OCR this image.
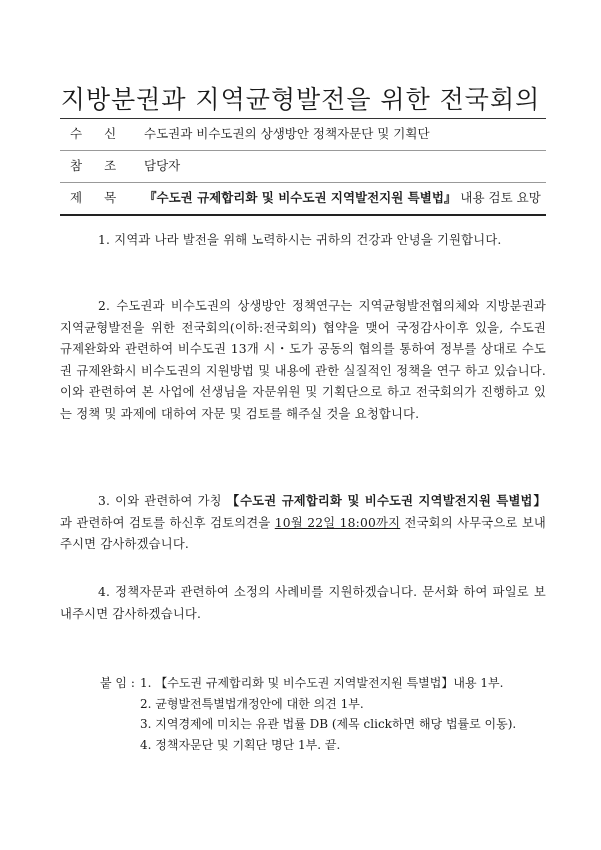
지방분권과 지역균형발전을 위한 전국회의
수신 수도권과 비수도권의 상생방안 정책자문단 및 기획단
참조 담당자
제목 『수도권 규제합리화 및 비수도권 지역발전지원 특별법』 내용 검토 요망
1. 지역과 나라 발전을 위해 노력하시는 귀하의 건강과 안녕을 기원합니다.
2. 수도권과 비수도권의 상생방안 정책연구는 지역균형발전협의체와 지방분권과 지역균형발전을 위한 전국회의(이하:전국회의) 협약을 맺어 국정감사이후 있을, 수도권 규제완화와 관련하여 비수도권 13개 시・도가 공동의 협의를 통하여 정부를 상대로 수도권 규제완화시 비수도권의 지원방법 및 내용에 관한 실질적인 정책을 연구 하고 있습니다. 이와 관련하여 본 사업에 선생님을 자문위원 및 기획단으로 하고 전국회의가 진행하고 있는 정책 및 과제에 대하여 자문 및 검토를 해주실 것을 요청합니다.
3. 이와 관련하여 가칭 【수도권 규제합리화 및 비수도권 지역발전지원 특별법】과 관련하여 검토를 하신후 검토의견을 10월 22일 18:00까지 전국회의 사무국으로 보내주시면 감사하겠습니다.
4. 정책자문과 관련하여 소정의 사례비를 지원하겠습니다. 문서화 하여 파일로 보내주시면 감사하겠습니다.
붙 임 : 1. 【수도권 규제합리화 및 비수도권 지역발전지원 특별법】내용 1부.
2. 균형발전특별법개정안에 대한 의견 1부.
3. 지역경제에 미치는 유관 법률 DB (제목 click하면 해당 법률로 이동).
4. 정책자문단 및 기획단 명단 1부. 끝.
